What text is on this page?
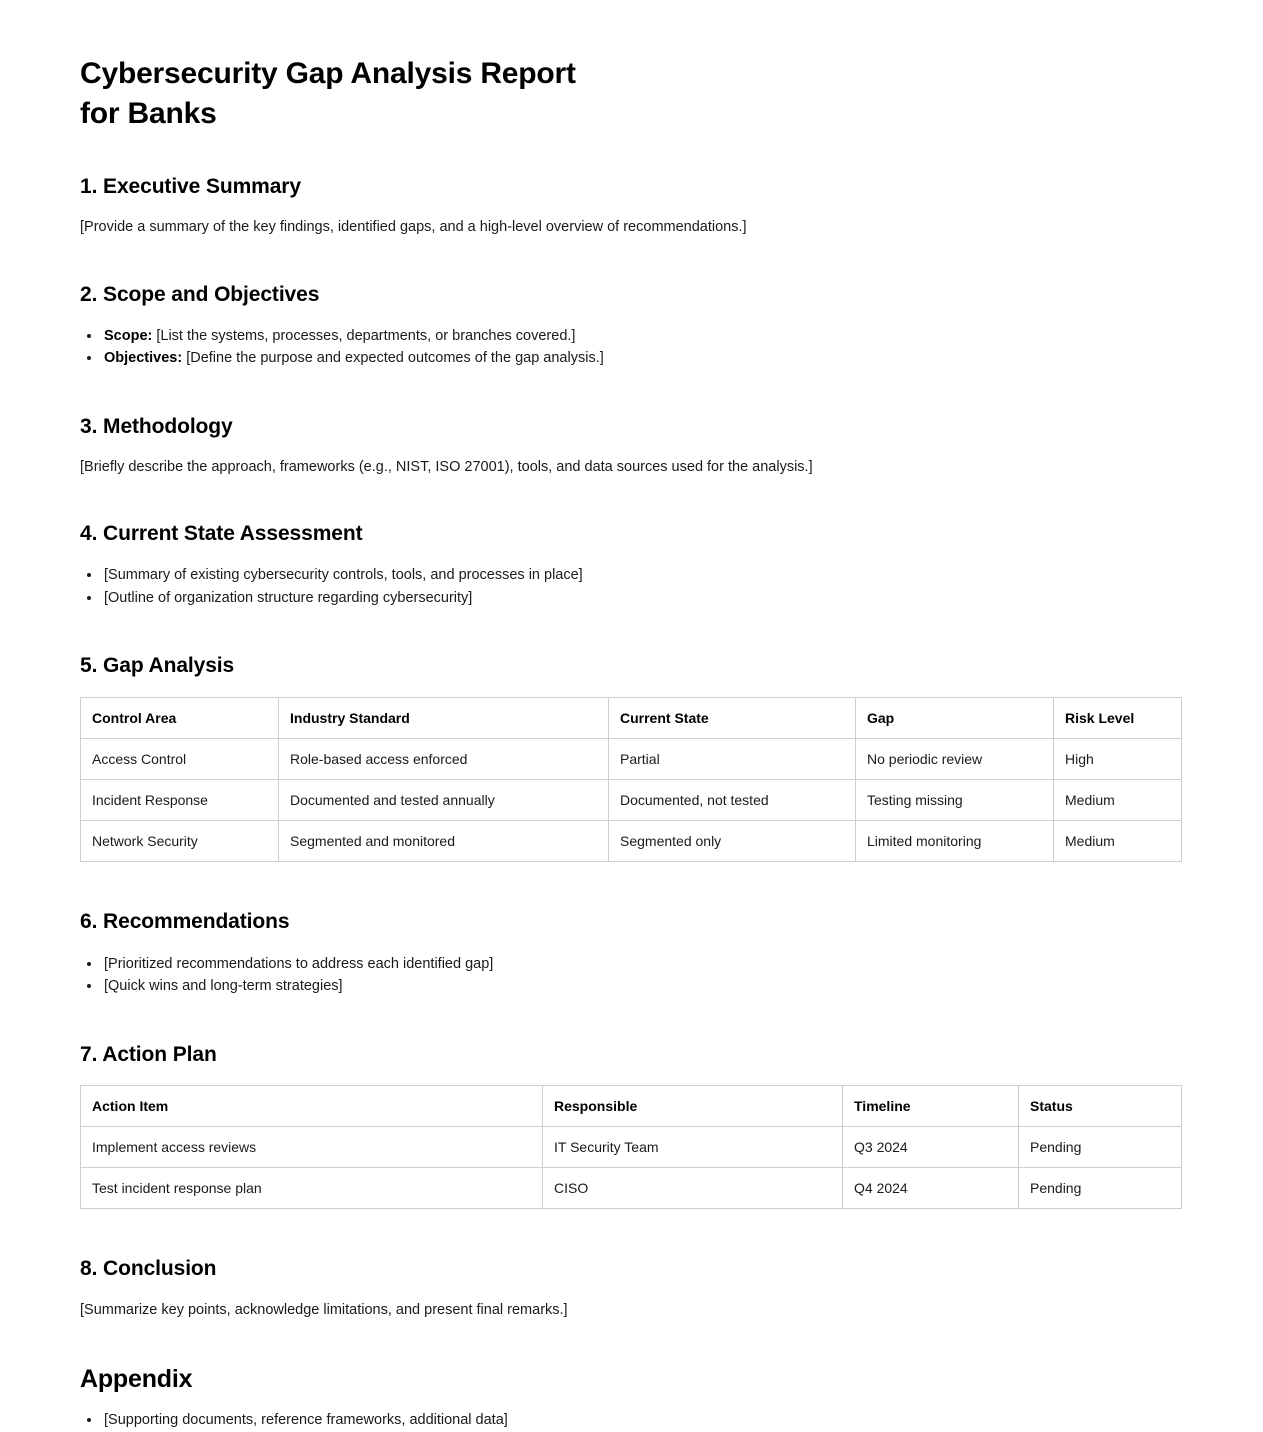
Cybersecurity Gap Analysis Report
for Banks
1. Executive Summary

[Provide a summary of the key findings, identified gaps, and a high-level overview of recommendations.]

2. Scope and Objectives
• Scope: [List the systems, processes, departments, or branches covered.]
• Objectives: [Define the purpose and expected outcomes of the gap analysis.]
3. Methodology

[Briefly describe the approach, frameworks (e.g., NIST, ISO 27001), tools, and data sources used for the analysis.]

4. Current State Assessment
• [Summary of existing cybersecurity controls, tools, and processes in place]
• [Outline of organization structure regarding cybersecurity]
5. Gap Analysis
Control Area	Industry Standard	Current State	Gap	Risk Level
Access Control	Role-based access enforced	Partial	No periodic review	High
Incident Response	Documented and tested annually	Documented, not tested	Testing missing	Medium
Network Security	Segmented and monitored	Segmented only	Limited monitoring	Medium
6. Recommendations
• [Prioritized recommendations to address each identified gap]
• [Quick wins and long-term strategies]
7. Action Plan
Action Item	Responsible	Timeline	Status
Implement access reviews	IT Security Team	Q3 2024	Pending
Test incident response plan	CISO	Q4 2024	Pending
8. Conclusion

[Summarize key points, acknowledge limitations, and present final remarks.]

Appendix
• [Supporting documents, reference frameworks, additional data]
